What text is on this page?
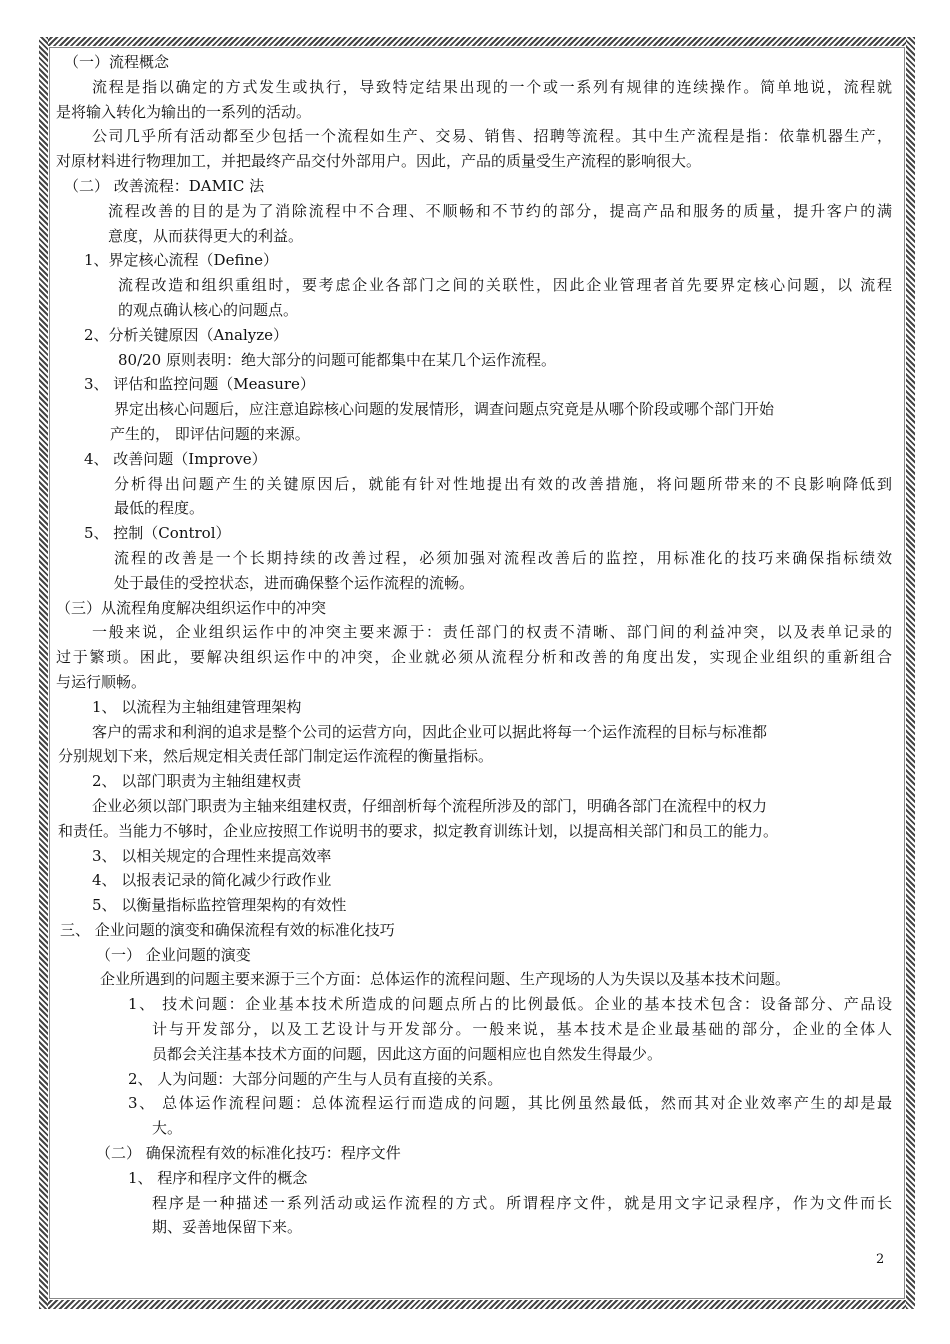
（一）流程概念

流程是指以确定的方式发生或执行，导致特定结果出现的一个或一系列有规律的连续操作。简单地说，流程就

是将输入转化为输出的一系列的活动。

公司几乎所有活动都至少包括一个流程如生产、交易、销售、招聘等流程。其中生产流程是指：依靠机器生产，

对原材料进行物理加工，并把最终产品交付外部用户。因此，产品的质量受生产流程的影响很大。

（二） 改善流程：DAMIC 法

流程改善的目的是为了消除流程中不合理、不顺畅和不节约的部分，提高产品和服务的质量，提升客户的满

意度，从而获得更大的利益。

1、界定核心流程（Define）

流程改造和组织重组时，要考虑企业各部门之间的关联性，因此企业管理者首先要界定核心问题，以 流程

的观点确认核心的问题点。

2、分析关键原因（Analyze）

80/20 原则表明：绝大部分的问题可能都集中在某几个运作流程。

3、 评估和监控问题（Measure）

界定出核心问题后，应注意追踪核心问题的发展情形，调查问题点究竟是从哪个阶段或哪个部门开始

产生的， 即评估问题的来源。

4、 改善问题（Improve）

分析得出问题产生的关键原因后，就能有针对性地提出有效的改善措施，将问题所带来的不良影响降低到

最低的程度。

5、 控制（Control）

流程的改善是一个长期持续的改善过程，必须加强对流程改善后的监控，用标准化的技巧来确保指标绩效

处于最佳的受控状态，进而确保整个运作流程的流畅。

（三）从流程角度解决组织运作中的冲突

一般来说，企业组织运作中的冲突主要来源于：责任部门的权责不清晰、部门间的利益冲突，以及表单记录的

过于繁琐。困此，要解决组织运作中的冲突，企业就必须从流程分析和改善的角度出发，实现企业组织的重新组合

与运行顺畅。

1、 以流程为主轴组建管理架构

客户的需求和利润的追求是整个公司的运营方向，因此企业可以据此将每一个运作流程的目标与标准都

分别规划下来，然后规定相关责任部门制定运作流程的衡量指标。

2、 以部门职责为主轴组建权责

企业必须以部门职责为主轴来组建权责，仔细剖析每个流程所涉及的部门，明确各部门在流程中的权力

和责任。当能力不够时，企业应按照工作说明书的要求，拟定教育训练计划，以提高相关部门和员工的能力。

3、 以相关规定的合理性来提高效率

4、 以报表记录的简化减少行政作业

5、 以衡量指标监控管理架构的有效性

三、 企业问题的演变和确保流程有效的标准化技巧

（一） 企业问题的演变

企业所遇到的问题主要来源于三个方面：总体运作的流程问题、生产现场的人为失误以及基本技术问题。

1、 技术问题：企业基本技术所造成的问题点所占的比例最低。企业的基本技术包含：设备部分、产品设

计与开发部分，以及工艺设计与开发部分。一般来说，基本技术是企业最基础的部分，企业的全体人

员都会关注基本技术方面的问题，因此这方面的问题相应也自然发生得最少。

2、 人为问题：大部分问题的产生与人员有直接的关系。

3、 总体运作流程问题：总体流程运行而造成的问题，其比例虽然最低，然而其对企业效率产生的却是最

大。

（二） 确保流程有效的标准化技巧：程序文件

1、 程序和程序文件的概念

程序是一种描述一系列活动或运作流程的方式。所谓程序文件，就是用文字记录程序，作为文件而长

期、妥善地保留下来。

2
